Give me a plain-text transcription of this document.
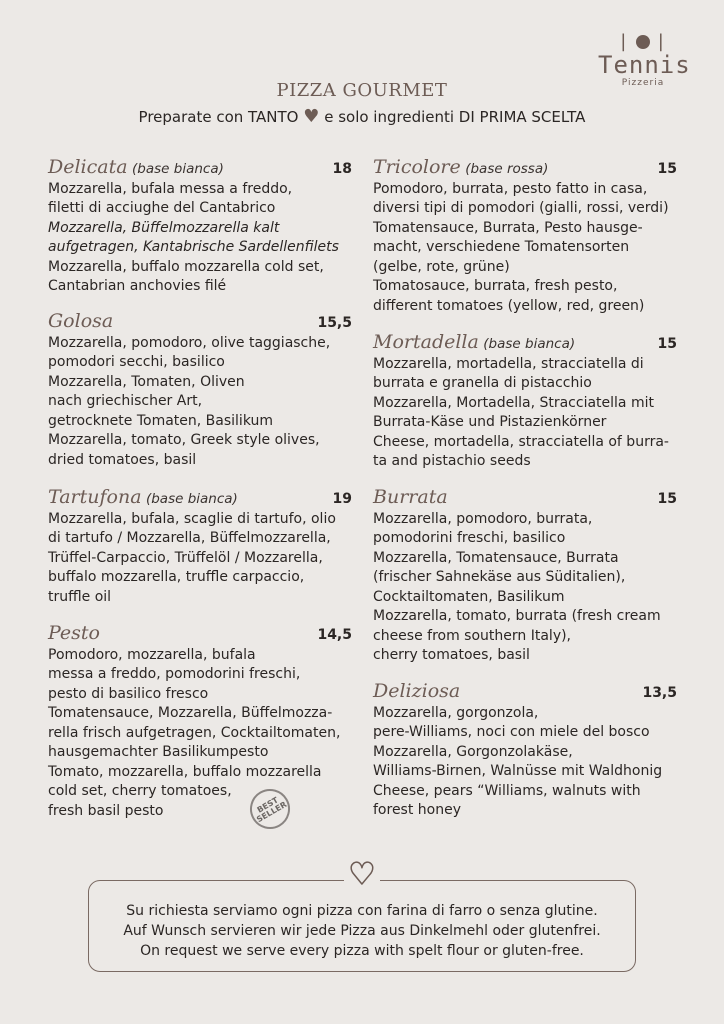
|  |
Tennis
Pizzeria
PIZZA GOURMET
Preparate con TANTO ♥ e solo ingredienti DI PRIMA SCELTA
Delicata (base bianca)	18
Mozzarella, bufala messa a freddo,
filetti di acciughe del Cantabrico
Mozzarella, Büffelmozzarella kalt
aufgetragen, Kantabrische Sardellenfilets
Mozzarella, buffalo mozzarella cold set,
Cantabrian anchovies filé
Golosa	15,5
Mozzarella, pomodoro, olive taggiasche,
pomodori secchi, basilico
Mozzarella, Tomaten, Oliven
nach griechischer Art,
getrocknete Tomaten, Basilikum
Mozzarella, tomato, Greek style olives,
dried tomatoes, basil
Tartufona (base bianca)	19
Mozzarella, bufala, scaglie di tartufo, olio
di tartufo / Mozzarella, Büffelmozzarella,
Trüffel-Carpaccio, Trüffelöl / Mozzarella,
buffalo mozzarella, truffle carpaccio,
truffle oil
Pesto	14,5
Pomodoro, mozzarella, bufala
messa a freddo, pomodorini freschi,
pesto di basilico fresco
Tomatensauce, Mozzarella, Büffelmozza-
rella frisch aufgetragen, Cocktailtomaten,
hausgemachter Basilikumpesto
Tomato, mozzarella, buffalo mozzarella
cold set, cherry tomatoes,
fresh basil pesto
Tricolore (base rossa)	15
Pomodoro, burrata, pesto fatto in casa,
diversi tipi di pomodori (gialli, rossi, verdi)
Tomatensauce, Burrata, Pesto hausge-
macht, verschiedene Tomatensorten
(gelbe, rote, grüne)
Tomatosauce, burrata, fresh pesto,
different tomatoes (yellow, red, green)
Mortadella (base bianca)	15
Mozzarella, mortadella, stracciatella di
burrata e granella di pistacchio
Mozzarella, Mortadella, Stracciatella mit
Burrata-Käse und Pistazienkörner
Cheese, mortadella, stracciatella of burra-
ta and pistachio seeds
Burrata	15
Mozzarella, pomodoro, burrata,
pomodorini freschi, basilico
Mozzarella, Tomatensauce, Burrata
(frischer Sahnekäse aus Süditalien),
Cocktailtomaten, Basilikum
Mozzarella, tomato, burrata (fresh cream
cheese from southern Italy),
cherry tomatoes, basil
Deliziosa	13,5
Mozzarella, gorgonzola,
pere-Williams, noci con miele del bosco
Mozzarella, Gorgonzolakäse,
Williams-Birnen, Walnüsse mit Waldhonig
Cheese, pears “Williams, walnuts with
forest honey
BEST SELLER
Su richiesta serviamo ogni pizza con farina di farro o senza glutine.
Auf Wunsch servieren wir jede Pizza aus Dinkelmehl oder glutenfrei.
On request we serve every pizza with spelt flour or gluten-free.
♥
